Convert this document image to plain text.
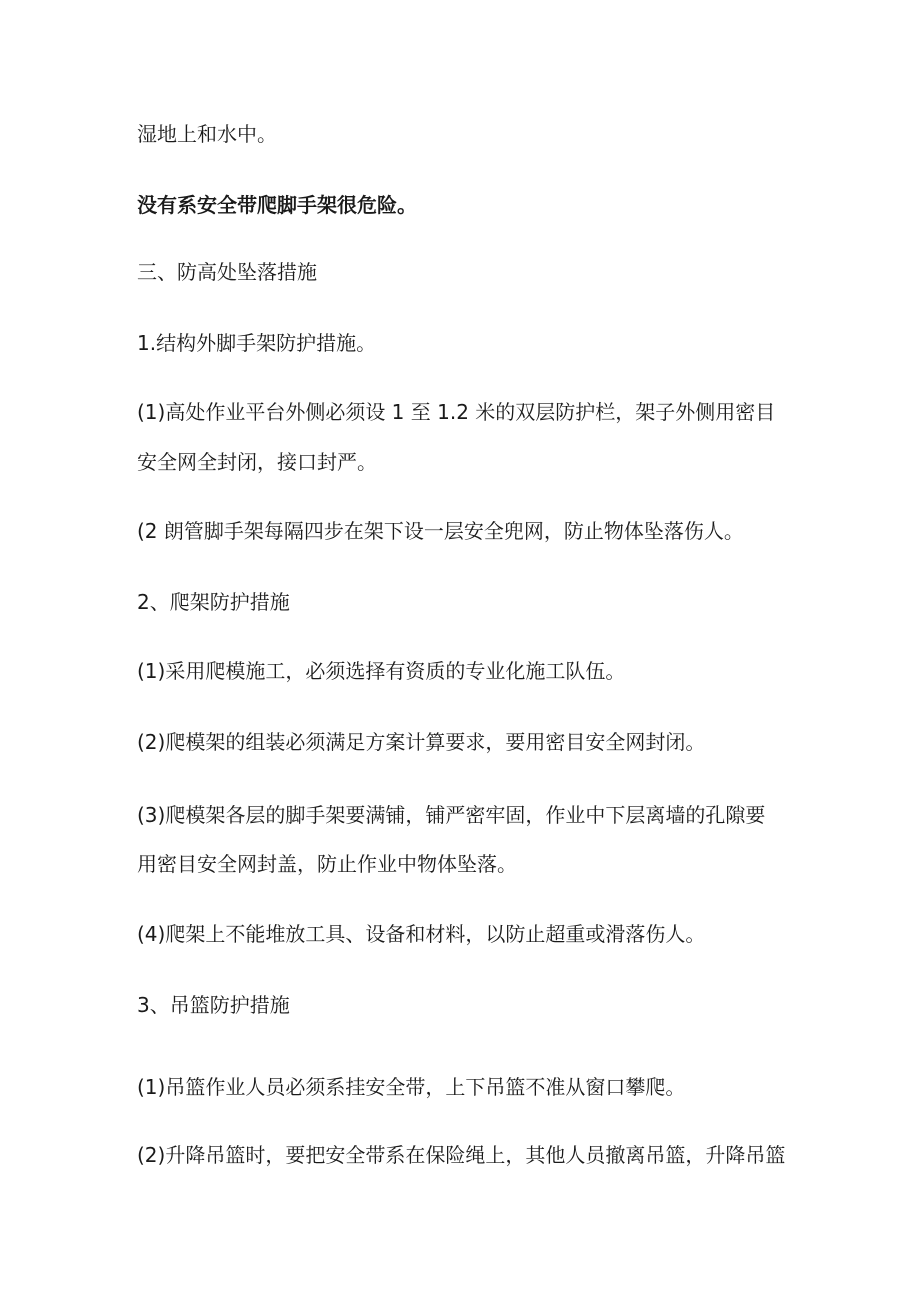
湿地上和水中。
没有系安全带爬脚手架很危险。
三、防高处坠落措施
1.结构外脚手架防护措施。
(1)高处作业平台外侧必须设 1 至 1.2 米的双层防护栏，架子外侧用密目
安全网全封闭，接口封严。
(2 朗管脚手架每隔四步在架下设一层安全兜网，防止物体坠落伤人。
2、爬架防护措施
(1)采用爬模施工，必须选择有资质的专业化施工队伍。
(2)爬模架的组装必须满足方案计算要求，要用密目安全网封闭。
(3)爬模架各层的脚手架要满铺，铺严密牢固，作业中下层离墙的孔隙要
用密目安全网封盖，防止作业中物体坠落。
(4)爬架上不能堆放工具、设备和材料，以防止超重或滑落伤人。
3、吊篮防护措施
(1)吊篮作业人员必须系挂安全带，上下吊篮不准从窗口攀爬。
(2)升降吊篮时，要把安全带系在保险绳上，其他人员撤离吊篮，升降吊篮
